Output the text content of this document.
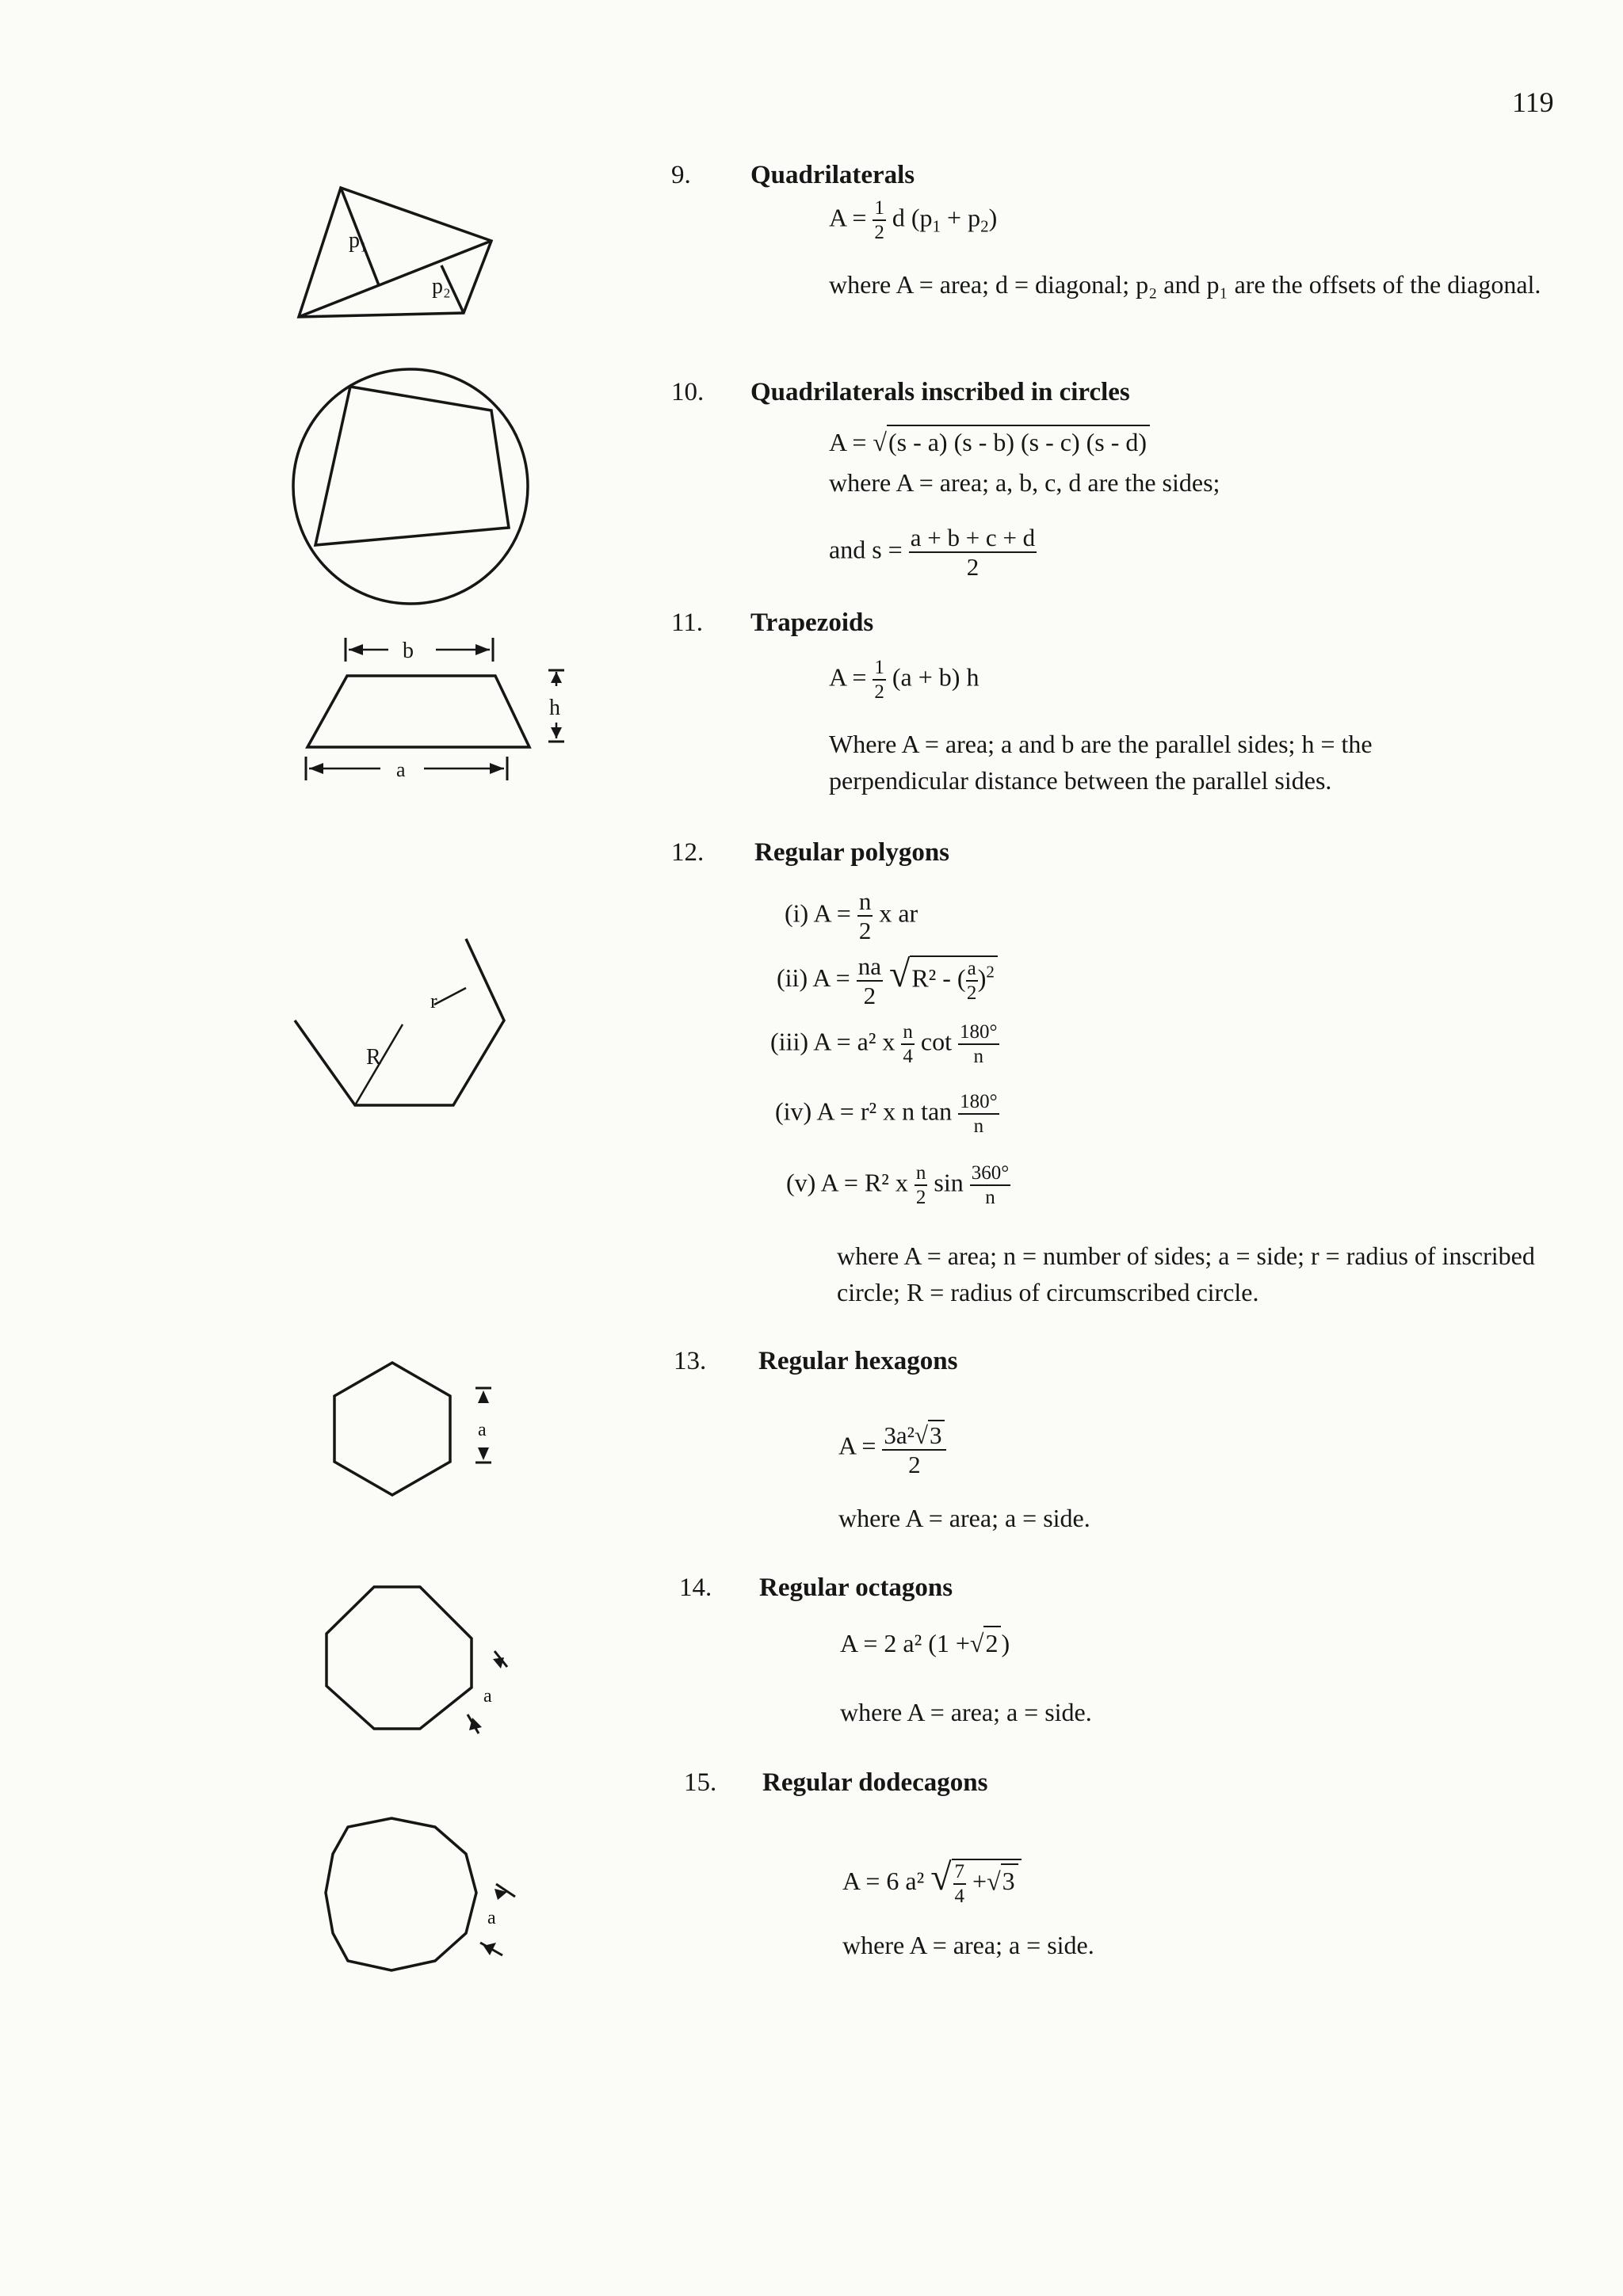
119
p₁
p₂
b
a
h
r
R
a
a
a
9. Quadrilaterals
$A = \frac{1}{2}$ d $(p_1 + p_2)$
where A = area; d = diagonal; p₂ and p₁ are the offsets of the diagonal.
10. Quadrilaterals inscribed in circles
A = √(s - a) (s - b) (s - c) (s - d)
where A = area; a, b, c, d are the sides;
and $s = \frac{a + b + c + d}{2}$
11. Trapezoids
$A = \frac{1}{2} (a + b)$ h
Where A = area; a and b are the parallel sides; h = the perpendicular distance between the parallel sides.
12. Regular polygons
(i) $A = \frac{n}{2}$ x ar
(ii) $A = \frac{na}{2} √R^2$ - ( $\frac{a}{2} )^2$
(iii) A = a² x $\frac{n}{4}$ $\cot \frac{180^\circ}{n}$
(iv) A = r² x n $\tan \frac{180^\circ}{n}$
(v) A = R² x $\frac{n}{2}$ $\sin \frac{360^\circ}{n}$
where A = area; n = number of sides; a = side; r = radius of inscribed circle; R = radius of circumscribed circle.
13. Regular hexagons
$A = \frac{\text{3a²√3}}{2}$
where A = area; a = side.
14. Regular octagons
A = 2 a² (1 +√2 )
where A = area; a = side.
15. Regular dodecagons
A = 6 a² √ $\frac{7}{4} +√3$
where A = area; a = side.
